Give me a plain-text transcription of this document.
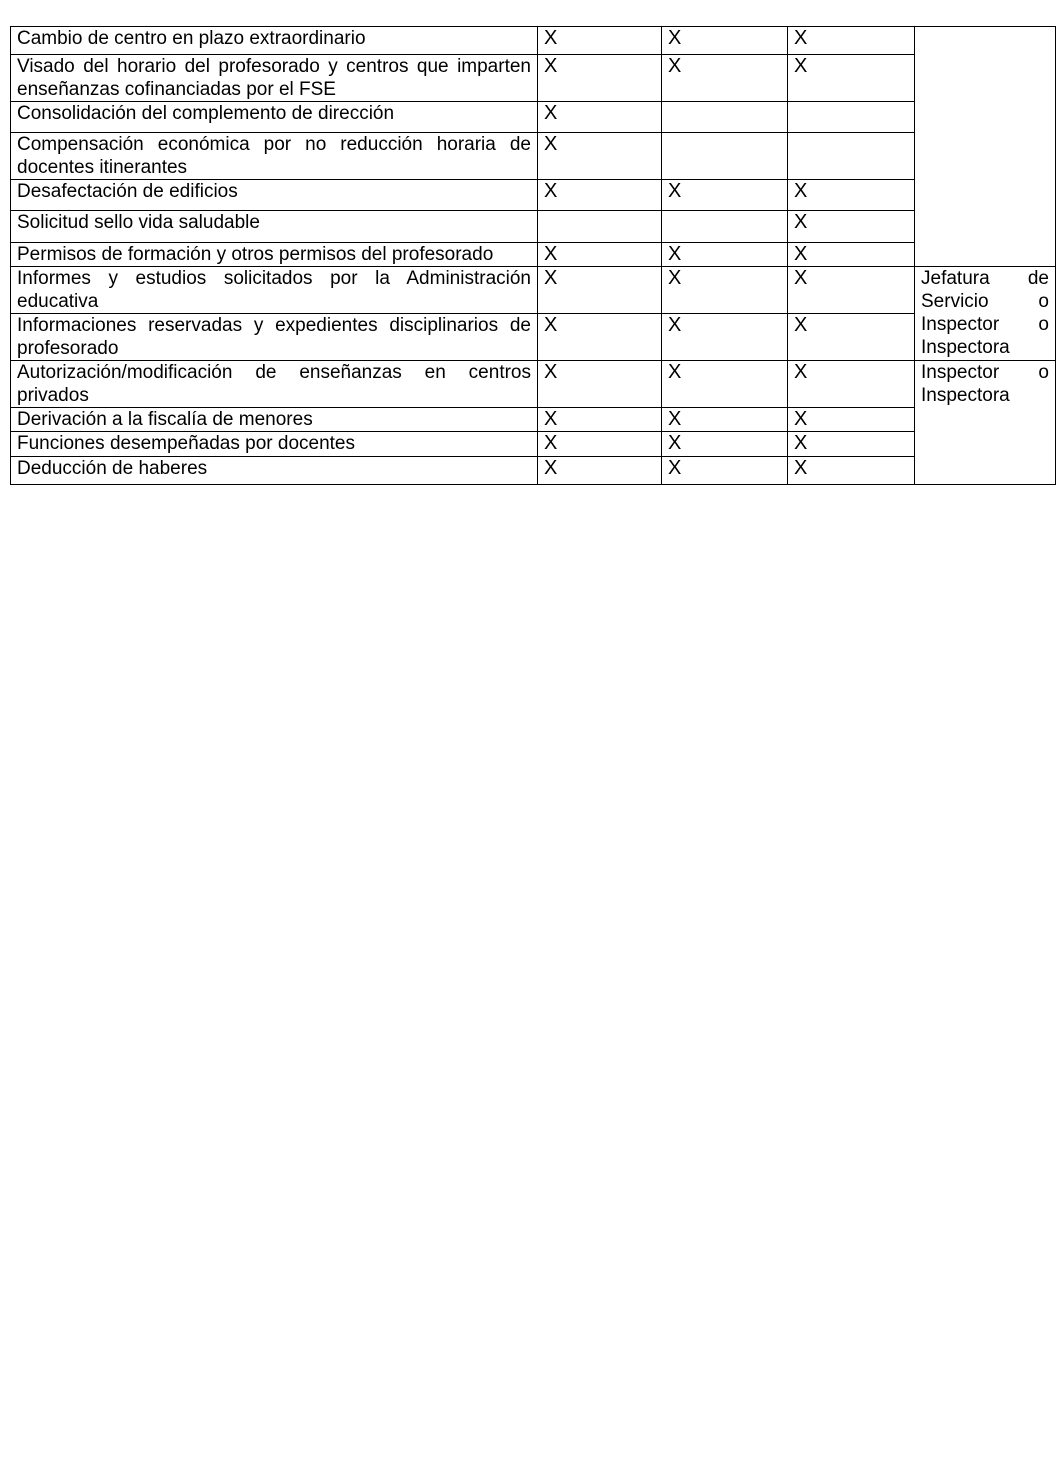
Cambio de centro en plazo extraordinario	X	X	X	
Visado del horario del profesorado y centros que imparten enseñanzas cofinanciadas por el FSE	X	X	X	
Consolidación del complemento de dirección	X			
Compensación económica por no reducción horaria de docentes itinerantes	X			
Desafectación de edificios	X	X	X	
Solicitud sello vida saludable			X	
Permisos de formación y otros permisos del profesorado	X	X	X	
Informes y estudios solicitados por la Administración educativa	X	X	X	Jefatura de
Servicio o
Inspector o
Inspectora

Informaciones reservadas y expedientes disciplinarios de profesorado	X	X	X	
Autorización/modificación de enseñanzas en centros privados	X	X	X	Inspector o
Inspectora

Derivación a la fiscalía de menores	X	X	X	
Funciones desempeñadas por docentes	X	X	X	
Deducción de haberes	X	X	X	
